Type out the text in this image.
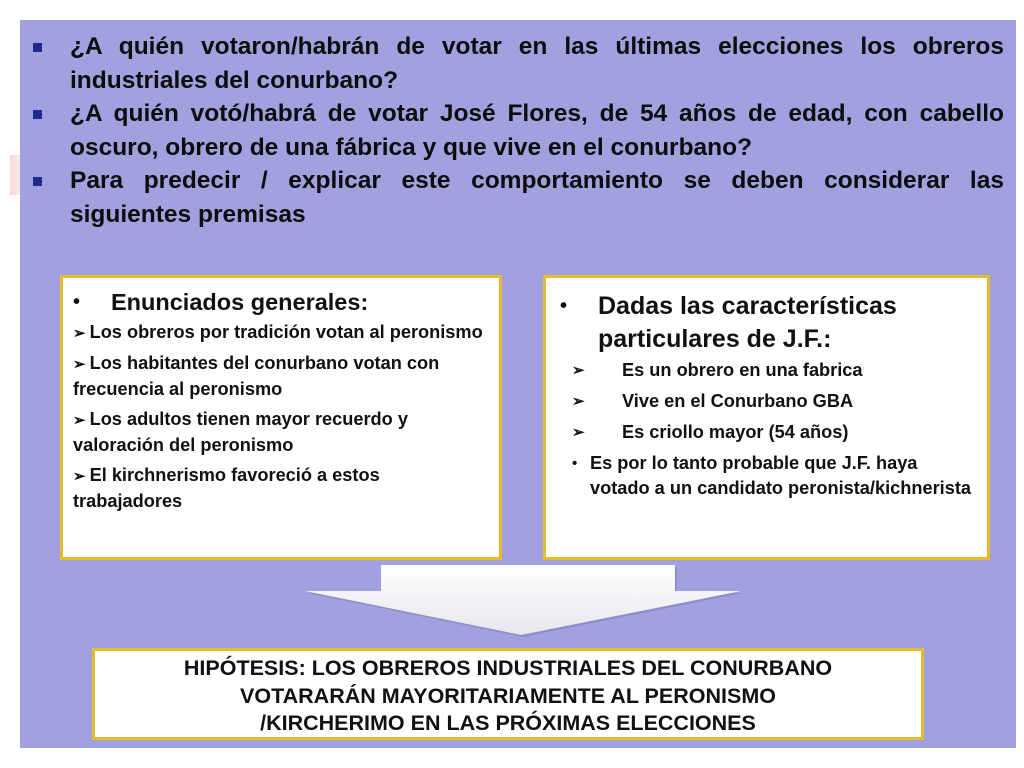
¿A quién votaron/habrán de votar en las últimas elecciones los obreros industriales del conurbano?
¿A quién votó/habrá de votar José Flores, de 54 años de edad, con cabello oscuro, obrero de una fábrica y que vive en el conurbano?
Para predecir / explicar este comportamiento se deben considerar las siguientes premisas
• Enunciados generales:
➢ Los obreros por tradición votan al peronismo
➢ Los habitantes del conurbano votan con frecuencia al peronismo
➢ Los adultos tienen mayor recuerdo y valoración del peronismo
➢ El kirchnerismo favoreció a estos trabajadores
• Dadas las características particulares de J.F.:
➢ Es un obrero en una fabrica
➢ Vive en el Conurbano GBA
➢ Es criollo mayor (54 años)
• Es por lo tanto probable que J.F. haya votado a un candidato peronista/kichnerista
HIPÓTESIS: LOS OBREROS INDUSTRIALES DEL CONURBANO
VOTARARÁN MAYORITARIAMENTE AL PERONISMO
/KIRCHERIMO EN LAS PRÓXIMAS ELECCIONES
